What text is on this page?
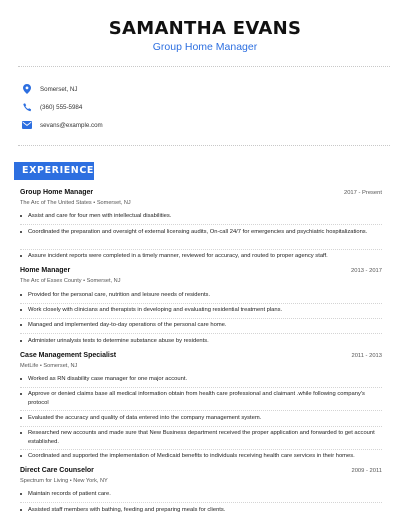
SAMANTHA EVANS
Group Home Manager
Somerset, NJ
(360) 555-5984
sevans@example.com
EXPERIENCE
Group Home Manager	2017 - Present
The Arc of The United States • Somerset, NJ
Assist and care for four men with intellectual disabilities.
Coordinated the preparation and oversight of external licensing audits, On-call 24/7 for emergencies and psychiatric hospitalizations.
Assure incident reports were completed in a timely manner, reviewed for accuracy, and routed to proper agency staff.
Home Manager	2013 - 2017
The Arc of Essex County • Somerset, NJ
Provided for the personal care, nutrition and leisure needs of residents.
Work closely with clinicians and therapists in developing and evaluating residential treatment plans.
Managed and implemented day-to-day operations of the personal care home.
Administer urinalysis tests to determine substance abuse by residents.
Case Management Specialist	2011 - 2013
MetLife • Somerset, NJ
Worked as RN disability case manager for one major account.
Approve or denied claims base all medical information obtain from health care professional and claimant .while following company's protocol
Evaluated the accuracy and quality of data entered into the company management system.
Researched new accounts and made sure that New Business department received the proper application and forwarded to get account established.
Coordinated and supported the implementation of Medicaid benefits to individuals receiving health care services in their homes.
Direct Care Counselor	2009 - 2011
Spectrum for Living • New York, NY
Maintain records of patient care.
Assisted staff members with bathing, feeding and preparing meals for clients.
